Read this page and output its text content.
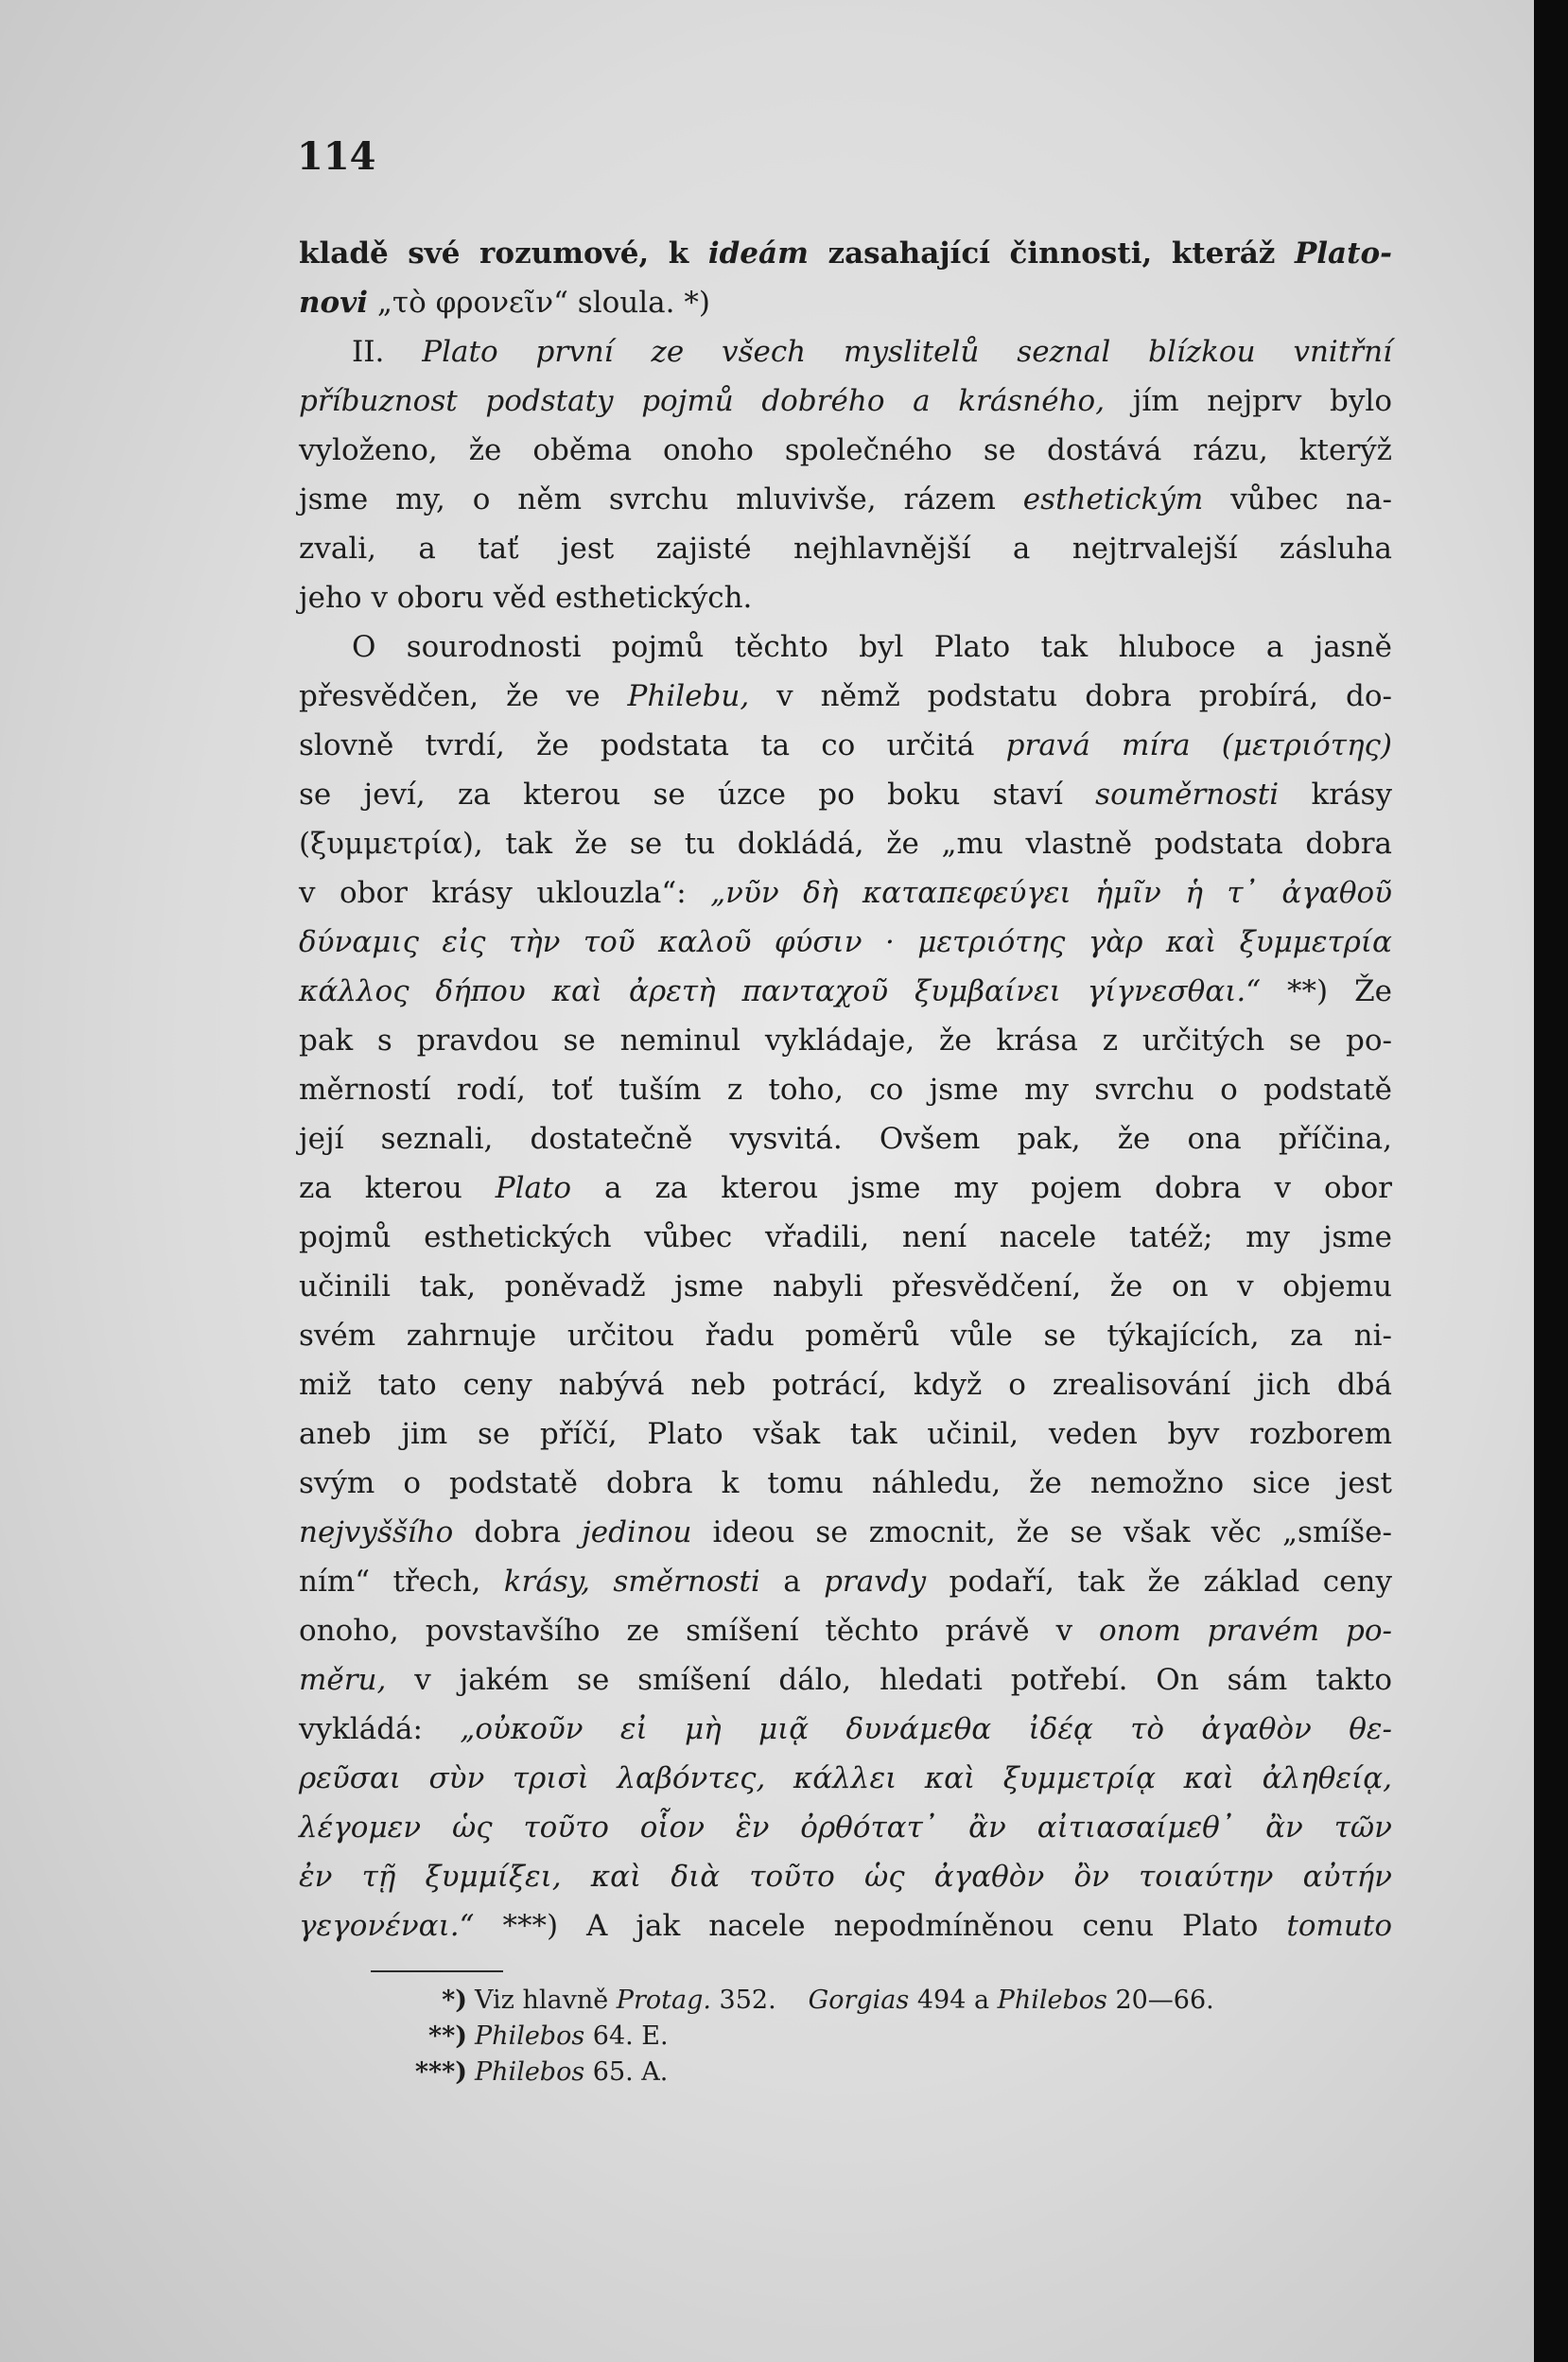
114
kladě své rozumové, k ideám zasahající činnosti, kteráž Plato-
novi „τὸ φρονεῖν“ sloula. *)
II. Plato první ze všech myslitelů seznal blízkou vnitřní
příbuznost podstaty pojmů dobrého a krásného, jím nejprv bylo
vyloženo, že oběma onoho společného se dostává rázu, kterýž
jsme my, o něm svrchu mluvivše, rázem esthetickým vůbec na-
zvali, a tať jest zajisté nejhlavnější a nejtrvalejší zásluha
jeho v oboru věd esthetických.
O sourodnosti pojmů těchto byl Plato tak hluboce a jasně
přesvědčen, že ve Philebu, v němž podstatu dobra probírá, do-
slovně tvrdí, že podstata ta co určitá pravá míra (μετριότης)
se jeví, za kterou se úzce po boku staví souměrnosti krásy
(ξυμμετρία), tak že se tu dokládá, že „mu vlastně podstata dobra
v obor krásy uklouzla“: „νῦν δὴ καταπεφεύγει ἡμῖν ἡ τ᾽ ἀγαθοῦ
δύναμις εἰς τὴν τοῦ καλοῦ φύσιν · μετριότης γὰρ καὶ ξυμμετρία
κάλλος δήπου καὶ ἀρετὴ πανταχοῦ ξυμβαίνει γίγνεσθαι.“ **) Že
pak s pravdou se neminul vykládaje, že krása z určitých se po-
měrností rodí, toť tuším z toho, co jsme my svrchu o podstatě
její seznali, dostatečně vysvitá. Ovšem pak, že ona příčina,
za kterou Plato a za kterou jsme my pojem dobra v obor
pojmů esthetických vůbec vřadili, není nacele tatéž; my jsme
učinili tak, poněvadž jsme nabyli přesvědčení, že on v objemu
svém zahrnuje určitou řadu poměrů vůle se týkajících, za ni-
miž tato ceny nabývá neb potrácí, když o zrealisování jich dbá
aneb jim se příčí, Plato však tak učinil, veden byv rozborem
svým o podstatě dobra k tomu náhledu, že nemožno sice jest
nejvyššího dobra jedinou ideou se zmocnit, že se však věc „smíše-
ním“ třech, krásy, směrnosti a pravdy podaří, tak že základ ceny
onoho, povstavšího ze smíšení těchto právě v onom pravém po-
měru, v jakém se smíšení dálo, hledati potřebí. On sám takto
vykládá: „οὐκοῦν εἰ μὴ μιᾷ δυνάμεθα ἰδέᾳ τὸ ἀγαθὸν θε-
ρεῦσαι σὺν τρισὶ λαβόντες, κάλλει καὶ ξυμμετρίᾳ καὶ ἀληθείᾳ,
λέγομεν ὡς τοῦτο οἷον ἓν ὀρθότατ᾽ ἂν αἰτιασαίμεθ᾽ ἂν τῶν
ἐν τῇ ξυμμίξει, καὶ διὰ τοῦτο ὡς ἀγαθὸν ὂν τοιαύτην αὐτήν
γεγονέναι.“ ***) A jak nacele nepodmíněnou cenu Plato tomuto
*) Viz hlavně Protag. 352. Gorgias 494 a Philebos 20—66.
**) Philebos 64. E.
***) Philebos 65. A.
